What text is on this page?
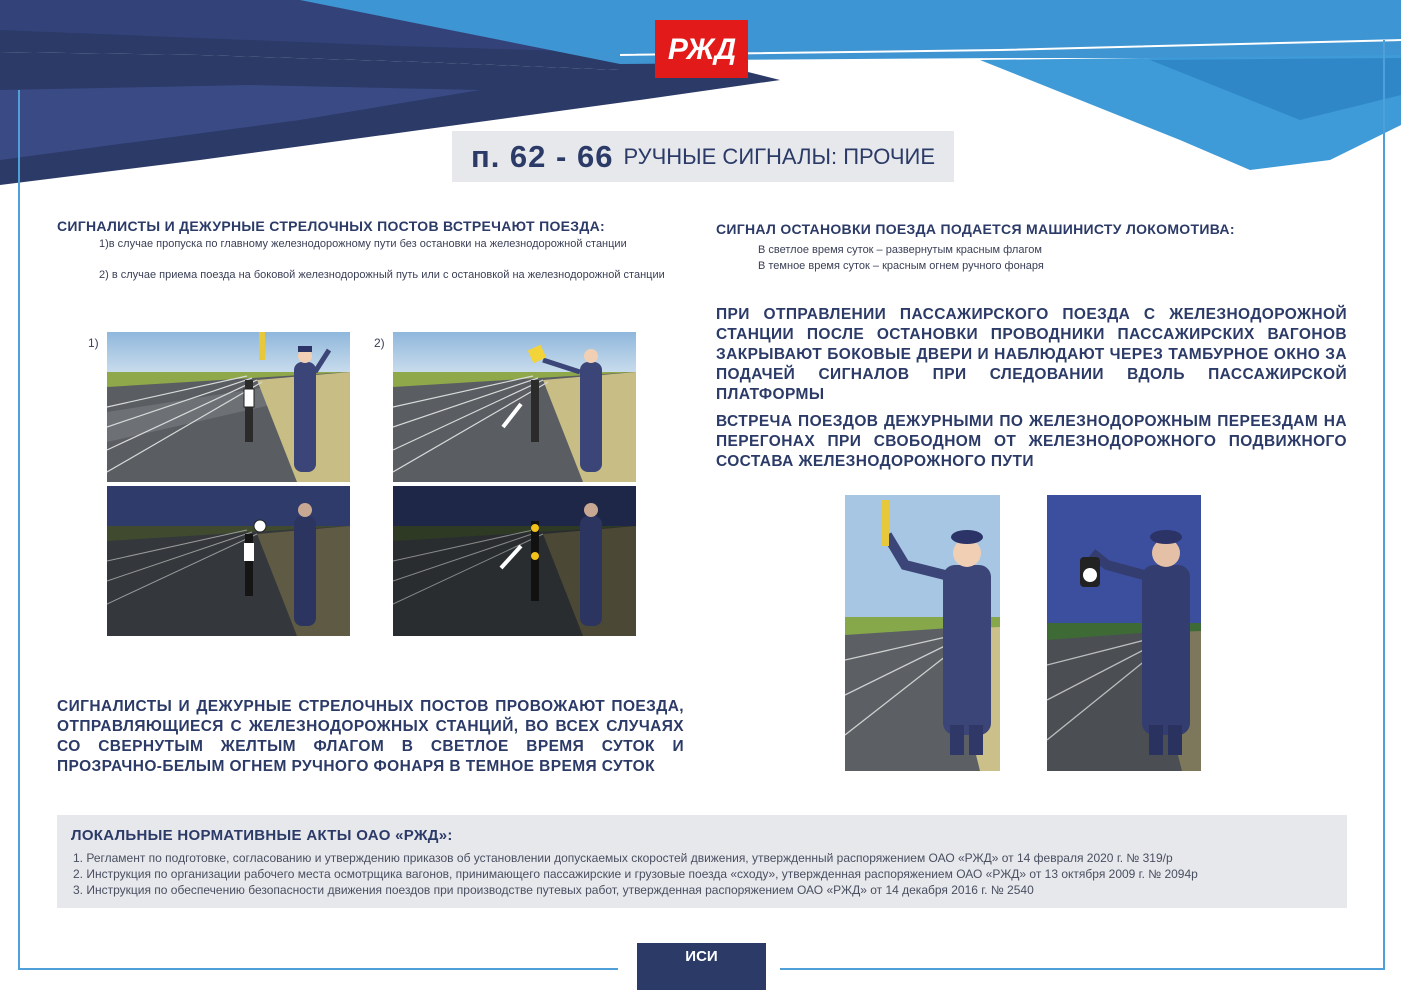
РЖД
п. 62 - 66 РУЧНЫЕ СИГНАЛЫ: ПРОЧИЕ
СИГНАЛИСТЫ И ДЕЖУРНЫЕ СТРЕЛОЧНЫХ ПОСТОВ ВСТРЕЧАЮТ ПОЕЗДА:
1)в случае пропуска по главному железнодорожному пути без остановки на железнодорожной станции
2) в случае приема поезда на боковой железнодорожный путь или с остановкой на железнодорожной станции
1)	2)
СИГНАЛИСТЫ И ДЕЖУРНЫЕ СТРЕЛОЧНЫХ ПОСТОВ ПРОВОЖАЮТ ПОЕЗДА, ОТПРАВЛЯЮЩИЕСЯ С ЖЕЛЕЗНОДОРОЖНЫХ СТАНЦИЙ, ВО ВСЕХ СЛУЧАЯХ СО СВЕРНУТЫМ ЖЕЛТЫМ ФЛАГОМ В СВЕТЛОЕ ВРЕМЯ СУТОК И ПРОЗРАЧНО-БЕЛЫМ ОГНЕМ РУЧНОГО ФОНАРЯ В ТЕМНОЕ ВРЕМЯ СУТОК
СИГНАЛ ОСТАНОВКИ ПОЕЗДА ПОДАЕТСЯ МАШИНИСТУ ЛОКОМОТИВА:
В светлое время суток – развернутым красным флагом
В темное время суток – красным огнем ручного фонаря
ПРИ ОТПРАВЛЕНИИ ПАССАЖИРСКОГО ПОЕЗДА С ЖЕЛЕЗНОДОРОЖНОЙ СТАНЦИИ ПОСЛЕ ОСТАНОВКИ ПРОВОДНИКИ ПАССАЖИРСКИХ ВАГОНОВ ЗАКРЫВАЮТ БОКОВЫЕ ДВЕРИ И НАБЛЮДАЮТ ЧЕРЕЗ ТАМБУРНОЕ ОКНО ЗА ПОДАЧЕЙ СИГНАЛОВ ПРИ СЛЕДОВАНИИ ВДОЛЬ ПАССАЖИРСКОЙ ПЛАТФОРМЫ
ВСТРЕЧА ПОЕЗДОВ ДЕЖУРНЫМИ ПО ЖЕЛЕЗНОДОРОЖНЫМ ПЕРЕЕЗДАМ НА ПЕРЕГОНАХ ПРИ СВОБОДНОМ ОТ ЖЕЛЕЗНОДОРОЖНОГО ПОДВИЖНОГО СОСТАВА ЖЕЛЕЗНОДОРОЖНОГО ПУТИ
ЛОКАЛЬНЫЕ НОРМАТИВНЫЕ АКТЫ ОАО «РЖД»:
1. Регламент по подготовке, согласованию и утверждению приказов об установлении допускаемых скоростей движения, утвержденный распоряжением ОАО «РЖД» от 14 февраля 2020 г. № 319/р
2. Инструкция по организации рабочего места осмотрщика вагонов, принимающего пассажирские и грузовые поезда «сходу», утвержденная распоряжением ОАО «РЖД» от 13 октября 2009 г. № 2094р
3. Инструкция по обеспечению безопасности движения поездов при производстве путевых работ, утвержденная распоряжением ОАО «РЖД» от 14 декабря 2016 г. № 2540
ИСИ
